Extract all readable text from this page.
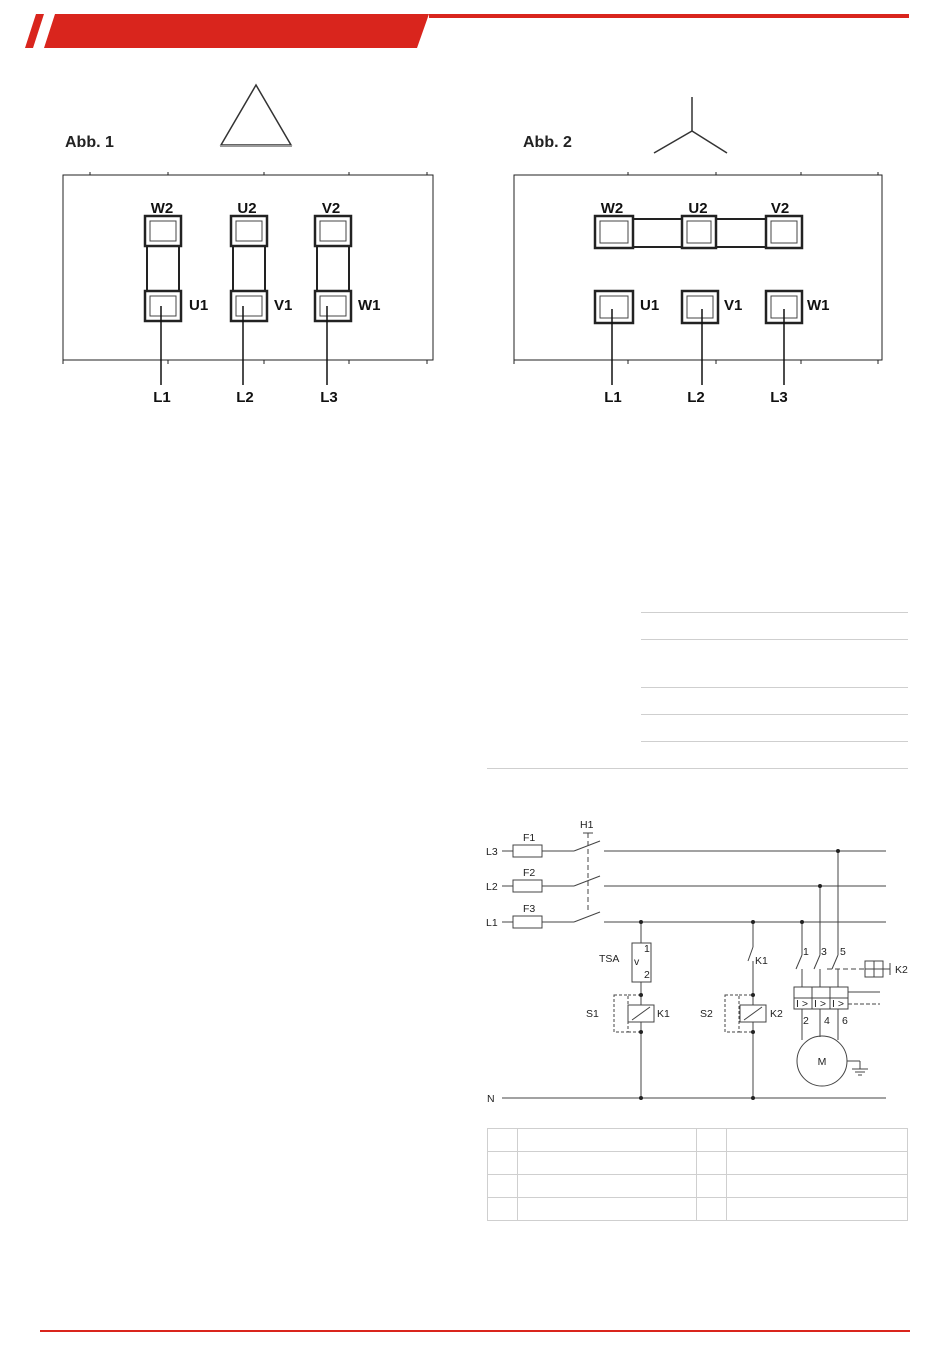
Abb. 1	Abb. 2
W2	U2	V2
U1	V1	W1
L1	L2	L3
W2	U2	V2
U1	V1	W1
L1	L2	L3
L3
L2
L1
N
F1
F2
F3
H1
TSA
1
2
v
S1	K1	S2	K2
K1
K2
1 3 5
2 4 6
I > I > I >
M
